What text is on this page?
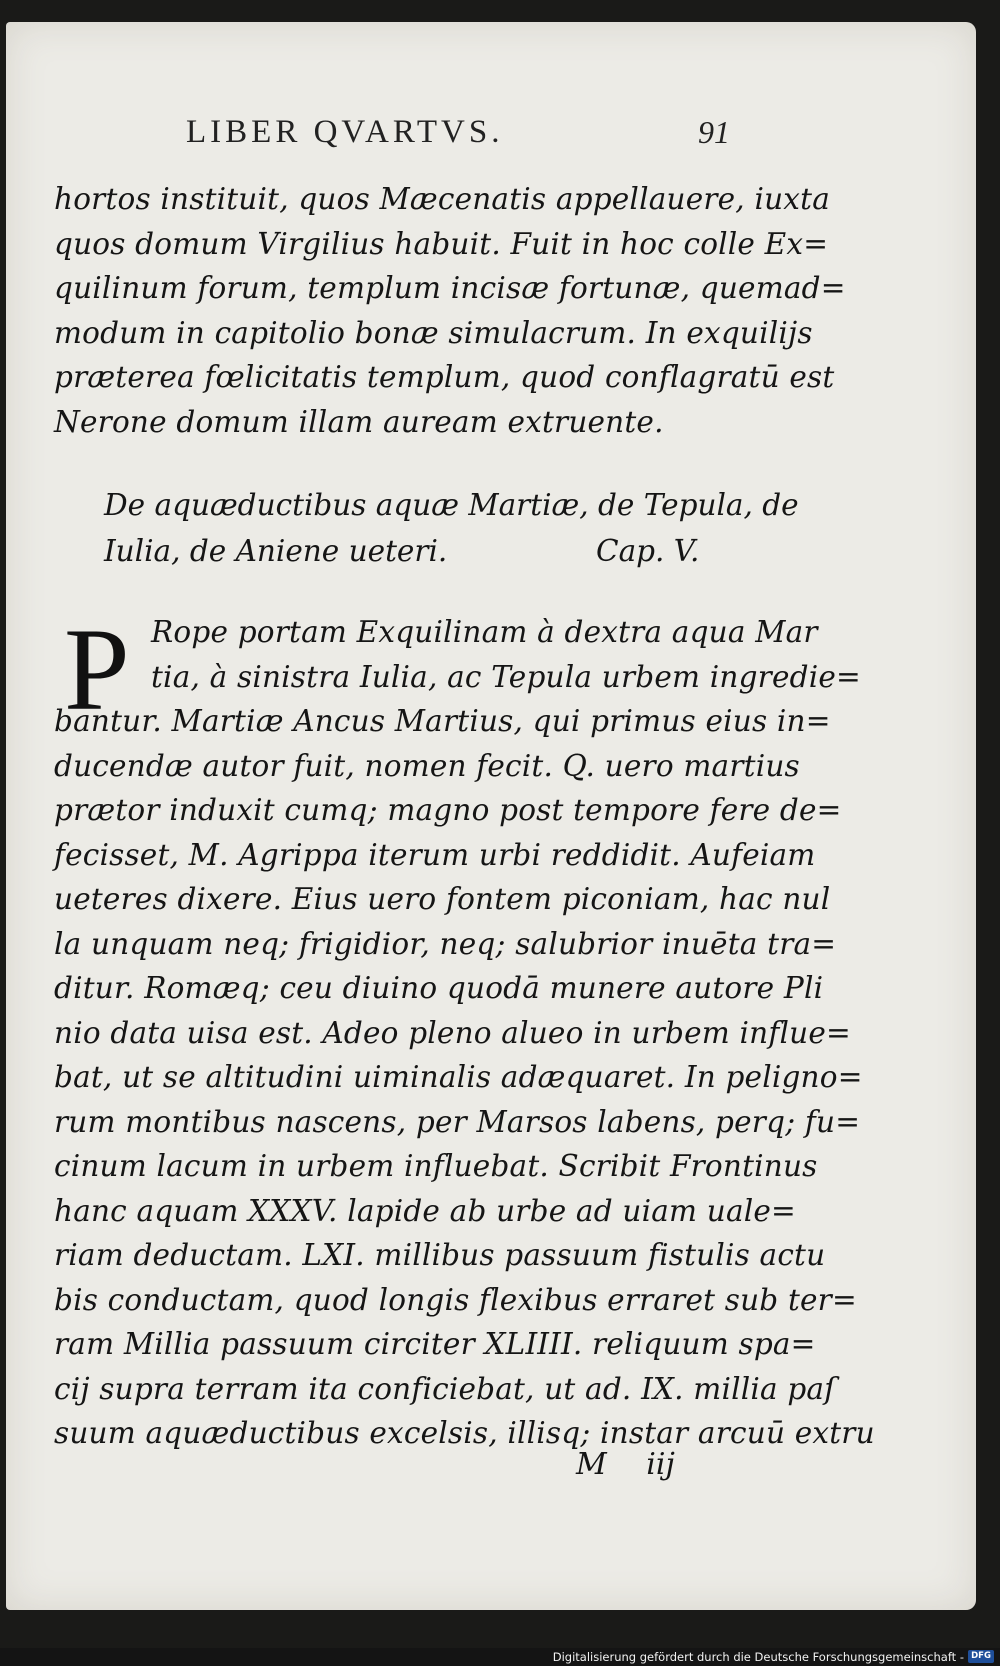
LIBER QVARTVS.	91
hortos instituit, quos Mæcenatis appellauere, iuxta
quos domum Virgilius habuit. Fuit in hoc colle Ex=
quilinum forum, templum incisæ fortunæ, quemad=
modum in capitolio bonæ simulacrum. In exquilijs
præterea fœlicitatis templum, quod conflagratū est
Nerone domum illam auream extruente.
De aquæductibus aquæ Martiæ, de Tepula, de
Iulia, de Aniene ueteri.	Cap. V.
P Rope portam Exquilinam à dextra aqua Mar
tia, à sinistra Iulia, ac Tepula urbem ingredie=
bantur. Martiæ Ancus Martius, qui primus eius in=
ducendæ autor fuit, nomen fecit. Q. uero martius
prætor induxit cumq; magno post tempore fere de=
fecisset, M. Agrippa iterum urbi reddidit. Aufeiam
ueteres dixere. Eius uero fontem piconiam, hac nul
la unquam neq; frigidior, neq; salubrior inuēta tra=
ditur. Romæq; ceu diuino quodā munere autore Pli
nio data uisa est. Adeo pleno alueo in urbem influe=
bat, ut se altitudini uiminalis adæquaret. In peligno=
rum montibus nascens, per Marsos labens, perq; fu=
cinum lacum in urbem influebat. Scribit Frontinus
hanc aquam XXXV. lapide ab urbe ad uiam uale=
riam deductam. LXI. millibus passuum fistulis actu
bis conductam, quod longis flexibus erraret sub ter=
ram Millia passuum circiter XLIIII. reliquum spa=
cij supra terram ita conficiebat, ut ad. IX. millia paſ
suum aquæductibus excelsis, illisq; instar arcuū extru
M iij
Digitalisierung gefördert durch die Deutsche Forschungsgemeinschaft - DFG
